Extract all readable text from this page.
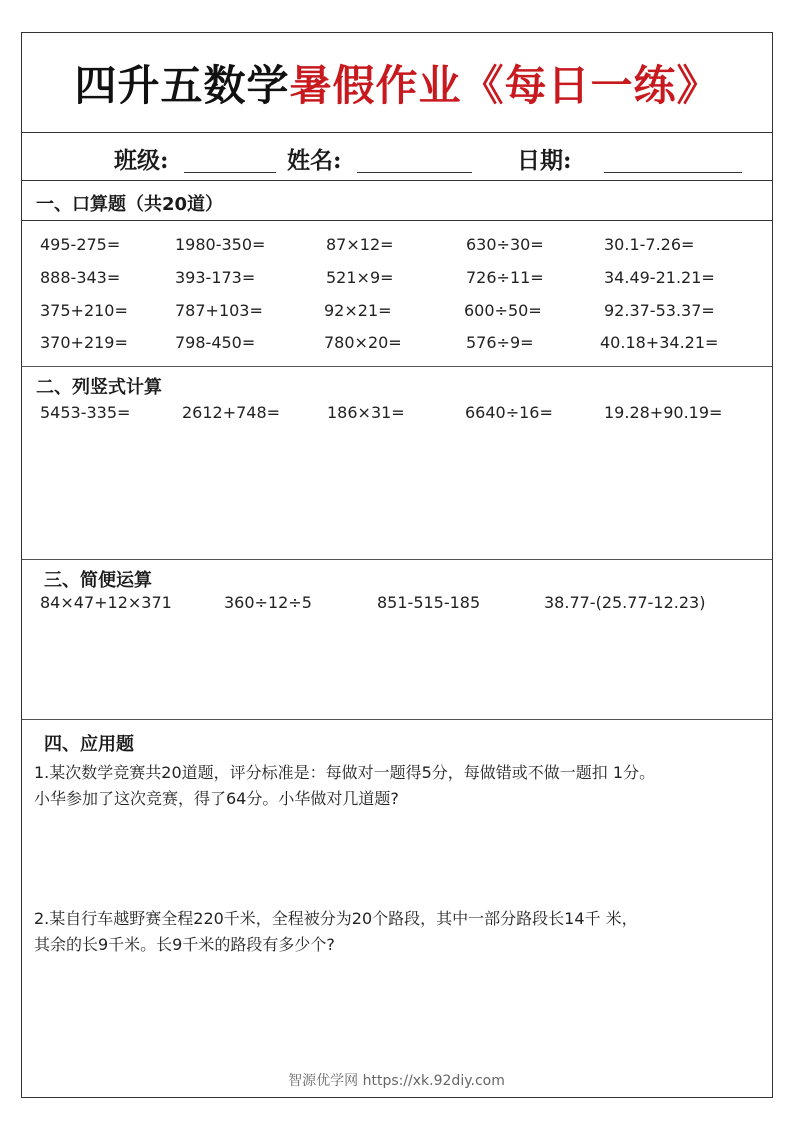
四升五数学 暑假作业《每日一练》
班级:	姓名:	日期:
一、口算题（共20道）
495-275=	1980-350=	87×12=	630÷30=	30.1-7.26=
888-343=	393-173=	521×9=	726÷11=	34.49-21.21=
375+210=	787+103=	92×21=	600÷50=	92.37-53.37=
370+219=	798-450=	780×20=	576÷9=	40.18+34.21=
二、列竖式计算
5453-335=	2612+748=	186×31=	6640÷16=	19.28+90.19=
三、简便运算
84×47+12×371	360÷12÷5	851-515-185	38.77-(25.77-12.23)
四、应用题
1.某次数学竞赛共20道题，评分标准是：每做对一题得5分，每做错或不做一题扣 1分。
小华参加了这次竞赛，得了64分。小华做对几道题?
2.某自行车越野赛全程220千米，全程被分为20个路段，其中一部分路段长14千 米，
其余的长9千米。长9千米的路段有多少个?
智源优学网 https://xk.92diy.com
